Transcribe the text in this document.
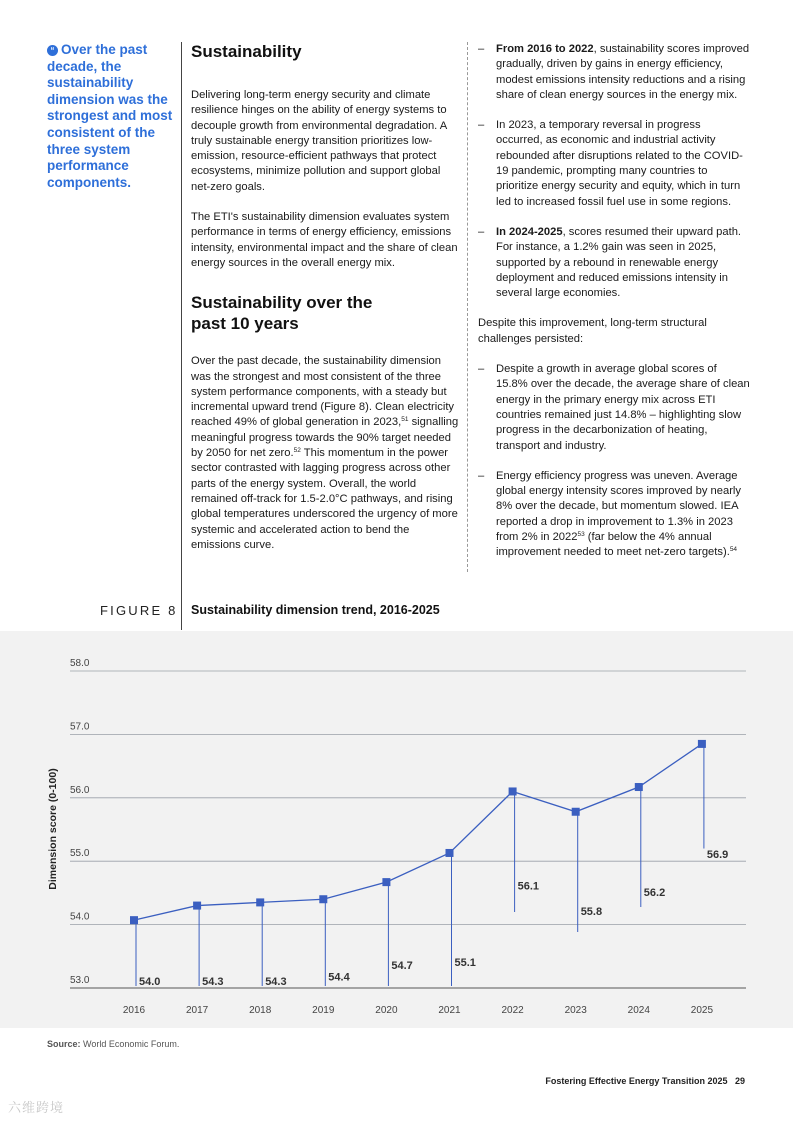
“ Over the past decade, the sustainability dimension was the strongest and most consistent of the three system performance components.
Sustainability

Delivering long-term energy security and climate resilience hinges on the ability of energy systems to decouple growth from environmental degradation. A truly sustainable energy transition prioritizes low-emission, resource-efficient pathways that protect ecosystems, minimize pollution and support global net-zero goals.

The ETI's sustainability dimension evaluates system performance in terms of energy efficiency, emissions intensity, environmental impact and the share of clean energy sources in the overall energy mix.

Sustainability over the past 10 years

Over the past decade, the sustainability dimension was the strongest and most consistent of the three system performance components, with a steady but incremental upward trend (Figure 8). Clean electricity reached 49% of global generation in 2023,51 signalling meaningful progress towards the 90% target needed by 2050 for net zero.$^{52}$ This momentum in the power sector contrasted with lagging progress across other parts of the energy system. Overall, the world remained off-track for 1.5-2.0°C pathways, and rising global temperatures underscored the urgency of more systemic and accelerated action to bend the emissions curve.

– From 2016 to 2022, sustainability scores improved gradually, driven by gains in energy efficiency, modest emissions intensity reductions and a rising share of clean energy sources in the energy mix.
– In 2023, a temporary reversal in progress occurred, as economic and industrial activity rebounded after disruptions related to the COVID-19 pandemic, prompting many countries to prioritize energy security and equity, which in turn led to increased fossil fuel use in some regions.
– In 2024-2025, scores resumed their upward path. For instance, a 1.2% gain was seen in 2025, supported by a rebound in renewable energy deployment and reduced emissions intensity in several large economies.

Despite this improvement, long-term structural challenges persisted:

– Despite a growth in average global scores of 15.8% over the decade, the average share of clean energy in the primary energy mix across ETI countries remained just 14.8% – highlighting slow progress in the decarbonization of heating, transport and industry.
– Energy efficiency progress was uneven. Average global energy intensity scores improved by nearly 8% over the decade, but momentum slowed. IEA reported a drop in improvement to 1.3% in 2023 from 2% in 2022$^{53}$ (far below the 4% annual improvement needed to meet net-zero targets).$^{54}$
FIGURE 8 Sustainability dimension trend, 2016-2025
53.0
54.0
55.0
56.0
57.0
58.0
Dimension score (0-100)
54.0	54.3	54.3	54.4
54.7	55.1
56.1
55.8
56.2
56.9
2016	2017	2018	2019	2020	2021	2022	2023	2024	2025
Source: World Economic Forum.
Fostering Effective Energy Transition 2025 29
六维跨境
